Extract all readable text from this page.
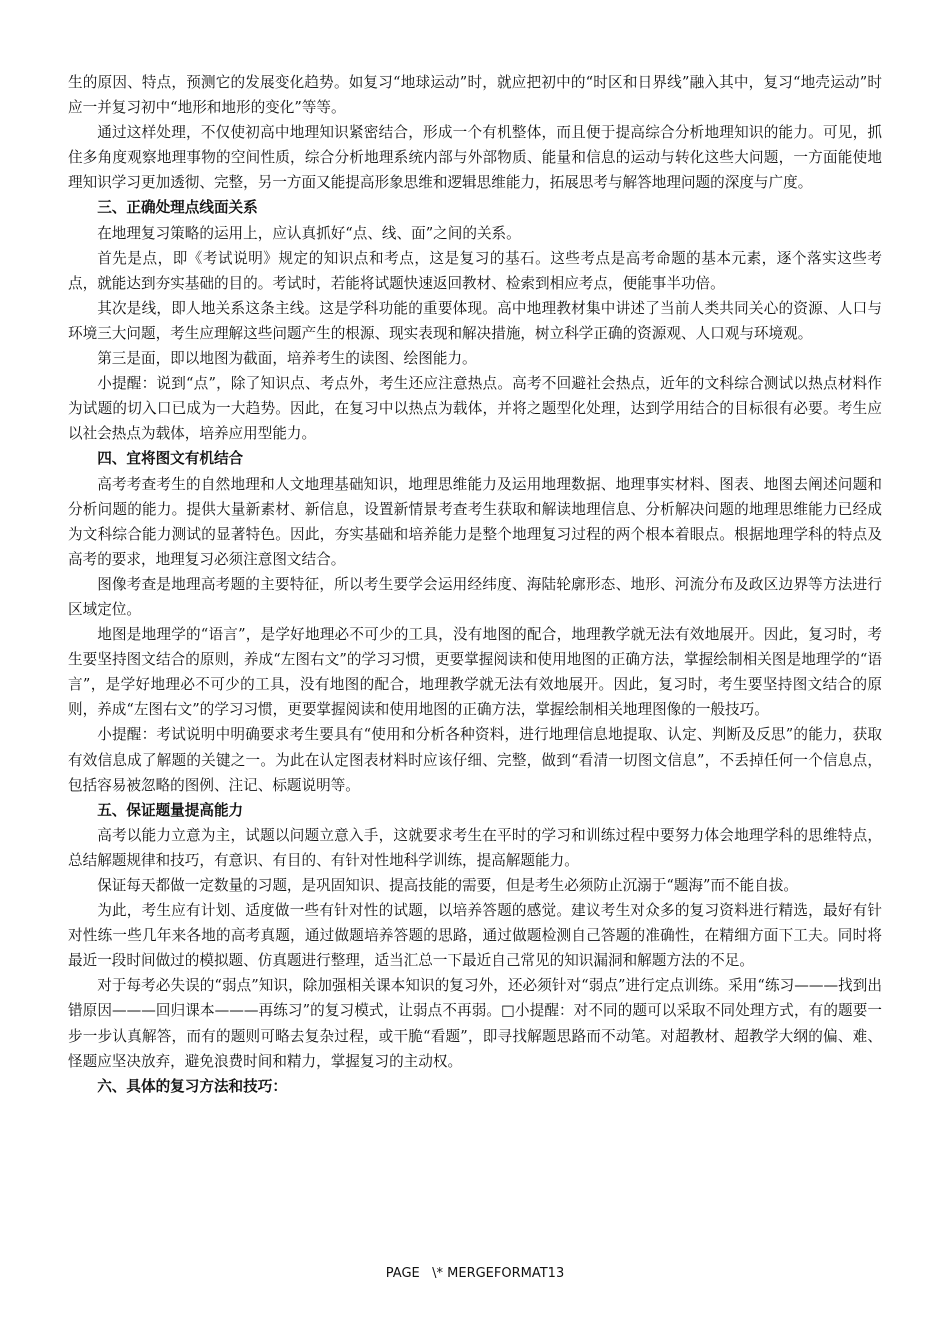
生的原因、特点，预测它的发展变化趋势。如复习“地球运动”时，就应把初中的“时区和日界线”融入其中，复习“地壳运动”时应一并复习初中“地形和地形的变化”等等。

通过这样处理，不仅使初高中地理知识紧密结合，形成一个有机整体，而且便于提高综合分析地理知识的能力。可见，抓住多角度观察地理事物的空间性质，综合分析地理系统内部与外部物质、能量和信息的运动与转化这些大问题，一方面能使地理知识学习更加透彻、完整，另一方面又能提高形象思维和逻辑思维能力，拓展思考与解答地理问题的深度与广度。

三、正确处理点线面关系

在地理复习策略的运用上，应认真抓好“点、线、面”之间的关系。

首先是点，即《考试说明》规定的知识点和考点，这是复习的基石。这些考点是高考命题的基本元素，逐个落实这些考点，就能达到夯实基础的目的。考试时，若能将试题快速返回教材、检索到相应考点，便能事半功倍。

其次是线，即人地关系这条主线。这是学科功能的重要体现。高中地理教材集中讲述了当前人类共同关心的资源、人口与环境三大问题，考生应理解这些问题产生的根源、现实表现和解决措施，树立科学正确的资源观、人口观与环境观。

第三是面，即以地图为截面，培养考生的读图、绘图能力。

小提醒：说到“点”，除了知识点、考点外，考生还应注意热点。高考不回避社会热点，近年的文科综合测试以热点材料作为试题的切入口已成为一大趋势。因此，在复习中以热点为载体，并将之题型化处理，达到学用结合的目标很有必要。考生应以社会热点为载体，培养应用型能力。

四、宜将图文有机结合

高考考查考生的自然地理和人文地理基础知识，地理思维能力及运用地理数据、地理事实材料、图表、地图去阐述问题和分析问题的能力。提供大量新素材、新信息，设置新情景考查考生获取和解读地理信息、分析解决问题的地理思维能力已经成为文科综合能力测试的显著特色。因此，夯实基础和培养能力是整个地理复习过程的两个根本着眼点。根据地理学科的特点及高考的要求，地理复习必须注意图文结合。

图像考查是地理高考题的主要特征，所以考生要学会运用经纬度、海陆轮廓形态、地形、河流分布及政区边界等方法进行区域定位。

地图是地理学的“语言”，是学好地理必不可少的工具，没有地图的配合，地理教学就无法有效地展开。因此，复习时，考生要坚持图文结合的原则，养成“左图右文”的学习习惯，更要掌握阅读和使用地图的正确方法，掌握绘制相关图是地理学的“语言”，是学好地理必不可少的工具，没有地图的配合，地理教学就无法有效地展开。因此，复习时，考生要坚持图文结合的原则，养成“左图右文”的学习习惯，更要掌握阅读和使用地图的正确方法，掌握绘制相关地理图像的一般技巧。

小提醒：考试说明中明确要求考生要具有“使用和分析各种资料，进行地理信息地提取、认定、判断及反思”的能力，获取有效信息成了解题的关键之一。为此在认定图表材料时应该仔细、完整，做到“看清一切图文信息”，不丢掉任何一个信息点，包括容易被忽略的图例、注记、标题说明等。

五、保证题量提高能力

高考以能力立意为主，试题以问题立意入手，这就要求考生在平时的学习和训练过程中要努力体会地理学科的思维特点，总结解题规律和技巧，有意识、有目的、有针对性地科学训练，提高解题能力。

保证每天都做一定数量的习题，是巩固知识、提高技能的需要，但是考生必须防止沉溺于“题海”而不能自拔。

为此，考生应有计划、适度做一些有针对性的试题，以培养答题的感觉。建议考生对众多的复习资料进行精选，最好有针对性练一些几年来各地的高考真题，通过做题培养答题的思路，通过做题检测自己答题的准确性，在精细方面下工夫。同时将最近一段时间做过的模拟题、仿真题进行整理，适当汇总一下最近自己常见的知识漏洞和解题方法的不足。

对于每考必失误的“弱点”知识，除加强相关课本知识的复习外，还必须针对“弱点”进行定点训练。采用“练习———找到出错原因———回归课本———再练习”的复习模式，让弱点不再弱。□小提醒：对不同的题可以采取不同处理方式，有的题要一步一步认真解答，而有的题则可略去复杂过程，或干脆“看题”，即寻找解题思路而不动笔。对超教材、超教学大纲的偏、难、怪题应坚决放弃，避免浪费时间和精力，掌握复习的主动权。

六、具体的复习方法和技巧：
PAGE   \* MERGEFORMAT13
